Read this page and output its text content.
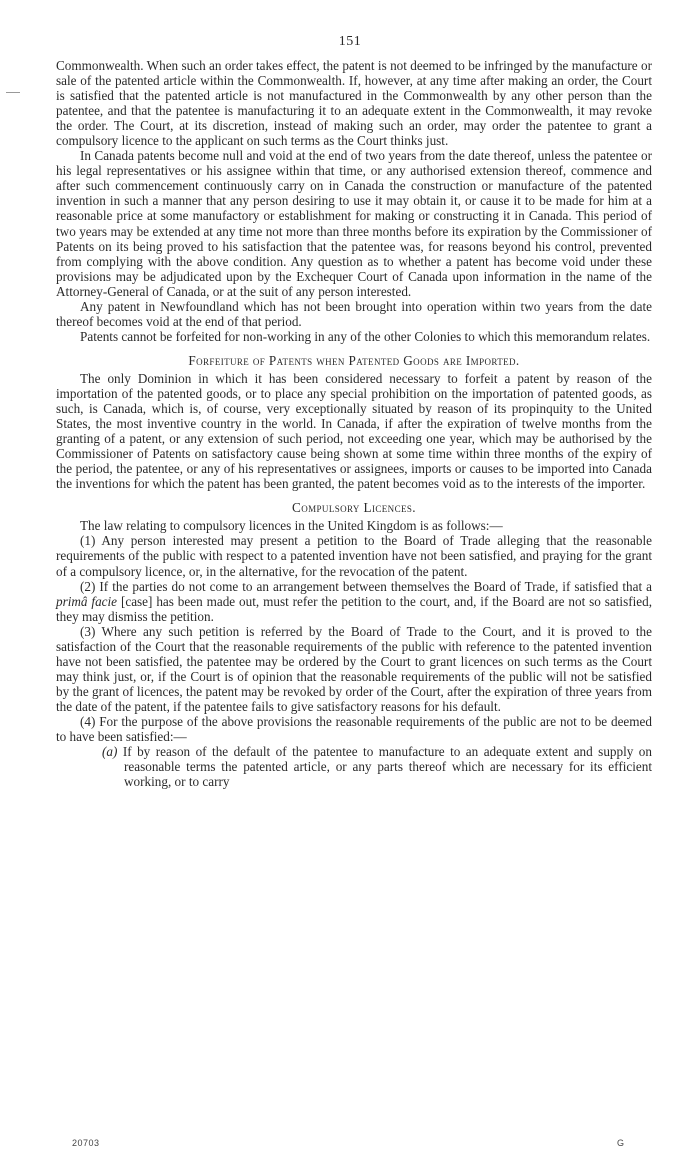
151

Commonwealth. When such an order takes effect, the patent is not deemed to be infringed by the manufacture or sale of the patented article within the Commonwealth. If, however, at any time after making an order, the Court is satisfied that the patented article is not manufactured in the Commonwealth by any other person than the patentee, and that the patentee is manufacturing it to an adequate extent in the Commonwealth, it may revoke the order. The Court, at its discretion, instead of making such an order, may order the patentee to grant a compulsory licence to the applicant on such terms as the Court thinks just.

In Canada patents become null and void at the end of two years from the date thereof, unless the patentee or his legal representatives or his assignee within that time, or any authorised extension thereof, commence and after such commencement continuously carry on in Canada the construction or manufacture of the patented invention in such a manner that any person desiring to use it may obtain it, or cause it to be made for him at a reasonable price at some manufactory or establishment for making or constructing it in Canada. This period of two years may be extended at any time not more than three months before its expiration by the Commissioner of Patents on its being proved to his satisfaction that the patentee was, for reasons beyond his control, prevented from complying with the above condition. Any question as to whether a patent has become void under these provisions may be adjudicated upon by the Exchequer Court of Canada upon information in the name of the Attorney-General of Canada, or at the suit of any person interested.

Any patent in Newfoundland which has not been brought into operation within two years from the date thereof becomes void at the end of that period.

Patents cannot be forfeited for non-working in any of the other Colonies to which this memorandum relates.

Forfeiture of Patents when Patented Goods are Imported.

The only Dominion in which it has been considered necessary to forfeit a patent by reason of the importation of the patented goods, or to place any special prohibition on the importation of patented goods, as such, is Canada, which is, of course, very exceptionally situated by reason of its propinquity to the United States, the most inventive country in the world. In Canada, if after the expiration of twelve months from the granting of a patent, or any extension of such period, not exceeding one year, which may be authorised by the Commissioner of Patents on satisfactory cause being shown at some time within three months of the expiry of the period, the patentee, or any of his representatives or assignees, imports or causes to be imported into Canada the inventions for which the patent has been granted, the patent becomes void as to the interests of the importer.

Compulsory Licences.

The law relating to compulsory licences in the United Kingdom is as follows:—

(1) Any person interested may present a petition to the Board of Trade alleging that the reasonable requirements of the public with respect to a patented invention have not been satisfied, and praying for the grant of a compulsory licence, or, in the alternative, for the revocation of the patent.

(2) If the parties do not come to an arrangement between themselves the Board of Trade, if satisfied that a primâ facie [case] has been made out, must refer the petition to the court, and, if the Board are not so satisfied, they may dismiss the petition.

(3) Where any such petition is referred by the Board of Trade to the Court, and it is proved to the satisfaction of the Court that the reasonable requirements of the public with reference to the patented invention have not been satisfied, the patentee may be ordered by the Court to grant licences on such terms as the Court may think just, or, if the Court is of opinion that the reasonable requirements of the public will not be satisfied by the grant of licences, the patent may be revoked by order of the Court, after the expiration of three years from the date of the patent, if the patentee fails to give satisfactory reasons for his default.

(4) For the purpose of the above provisions the reasonable requirements of the public are not to be deemed to have been satisfied:—

(a) If by reason of the default of the patentee to manufacture to an adequate extent and supply on reasonable terms the patented article, or any parts thereof which are necessary for its efficient working, or to carry

20703	G
